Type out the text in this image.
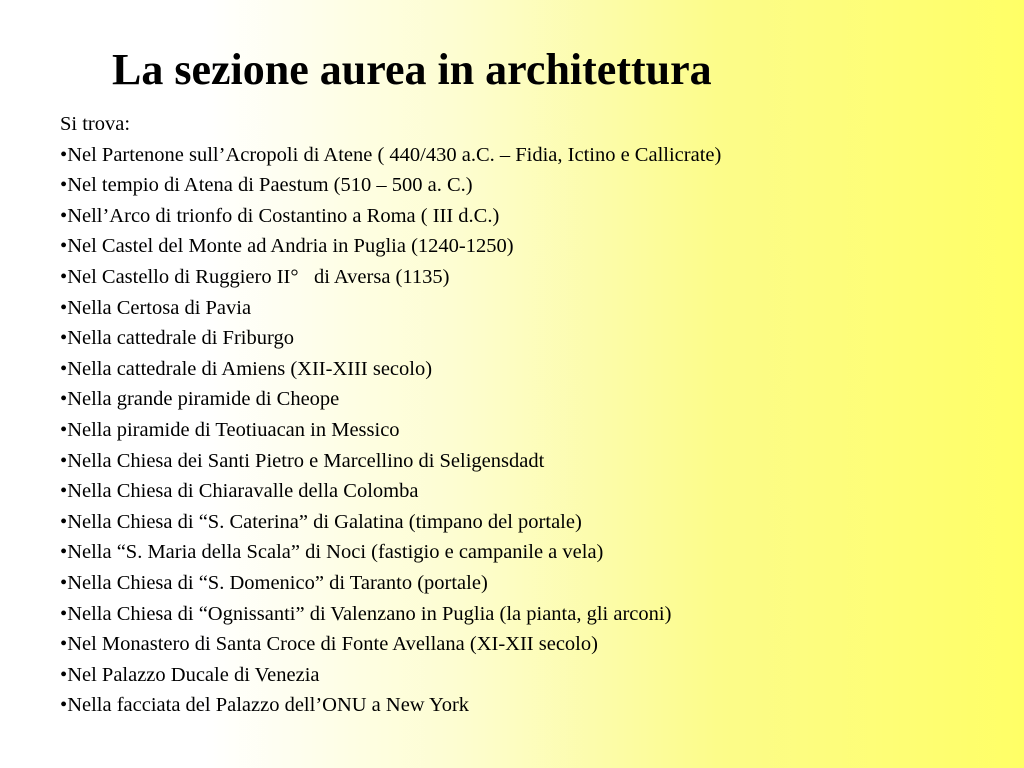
La sezione aurea in architettura
Si trova:
•Nel Partenone sull’Acropoli di Atene ( 440/430 a.C. – Fidia, Ictino e Callicrate)
•Nel tempio di Atena di Paestum (510 – 500 a. C.)
•Nell’Arco di trionfo di Costantino a Roma ( III d.C.)
•Nel Castel del Monte ad Andria in Puglia (1240-1250)
•Nel Castello di Ruggiero II°   di Aversa (1135)
•Nella Certosa di Pavia
•Nella cattedrale di Friburgo
•Nella cattedrale di Amiens (XII-XIII secolo)
•Nella grande piramide di Cheope
•Nella piramide di Teotiuacan in Messico
•Nella Chiesa dei Santi Pietro e Marcellino di Seligensdadt
•Nella Chiesa di Chiaravalle della Colomba
•Nella Chiesa di “S. Caterina” di Galatina (timpano del portale)
•Nella “S. Maria della Scala” di Noci (fastigio e campanile a vela)
•Nella Chiesa di “S. Domenico” di Taranto (portale)
•Nella Chiesa di “Ognissanti” di Valenzano in Puglia (la pianta, gli arconi)
•Nel Monastero di Santa Croce di Fonte Avellana (XI-XII secolo)
•Nel Palazzo Ducale di Venezia
•Nella facciata del Palazzo dell’ONU a New York
